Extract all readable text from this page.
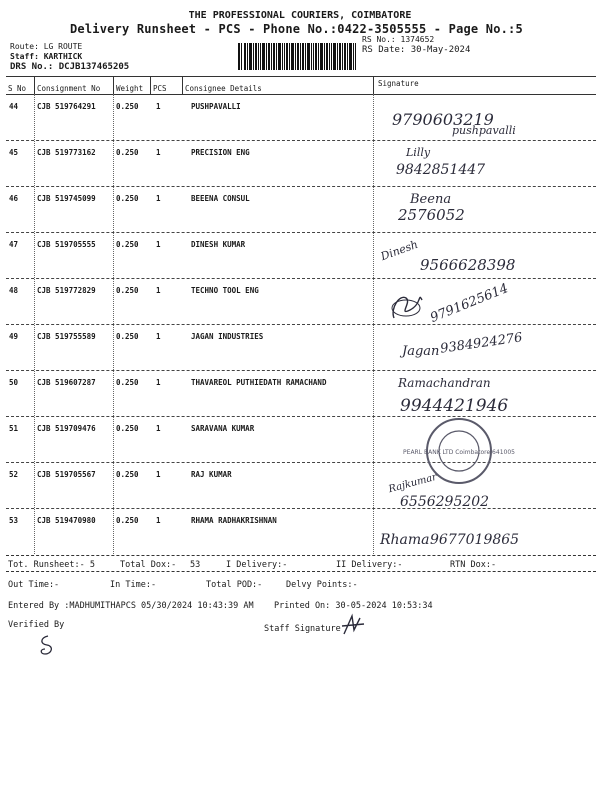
THE PROFESSIONAL COURIERS, COIMBATORE
Delivery Runsheet - PCS - Phone No.:0422-3505555 - Page No.:5
Route: LG ROUTE
Staff: KARTHICK
DRS No.: DCJB137465205
RS No.: 1374652
RS Date: 30-May-2024
S No Consignment No Weight PCS Consignee Details
Signature
44	CJB 519764291	0.250 1	PUSHPAVALLI
9790603219
pushpavalli
45	CJB 519773162	0.250 1	PRECISION ENG	Lilly
9842851447
46	CJB 519745099	0.250 1	BEEENA CONSUL	Beena
2576052
47	CJB 519705555	0.250 1	DINESH KUMAR	Dinesh
9566628398
48	CJB 519772829	0.250 1	TECHNO TOOL ENG	9791625614
49	CJB 519755589	0.250 1	JAGAN INDUSTRIES
Jagan 9384924276
50	CJB 519607287	0.250 1	THAVAREOL PUTHIEDATH RAMACHAND	Ramachandran
9944421946
51	CJB 519709476	0.250 1	SARAVANA KUMAR
52	CJB 519705567	0.250 1	RAJ KUMAR	Rajkumar
6556295202
53	CJB 519470980	0.250 1	RHAMA RADHAKRISHNAN
Rhama 9677019865
PEARL BANK LTD Coimbatore 641005
Tot. Runsheet:- 5	Total Dox:- 53	I Delivery:-	II Delivery:-	RTN Dox:-
Out Time:-	In Time:-	Total POD:-	Delvy Points:-
Entered By :MADHUMITHAPCS 05/30/2024 10:43:39 AM Printed On: 30-05-2024 10:53:34
Verified By	Staff Signature
